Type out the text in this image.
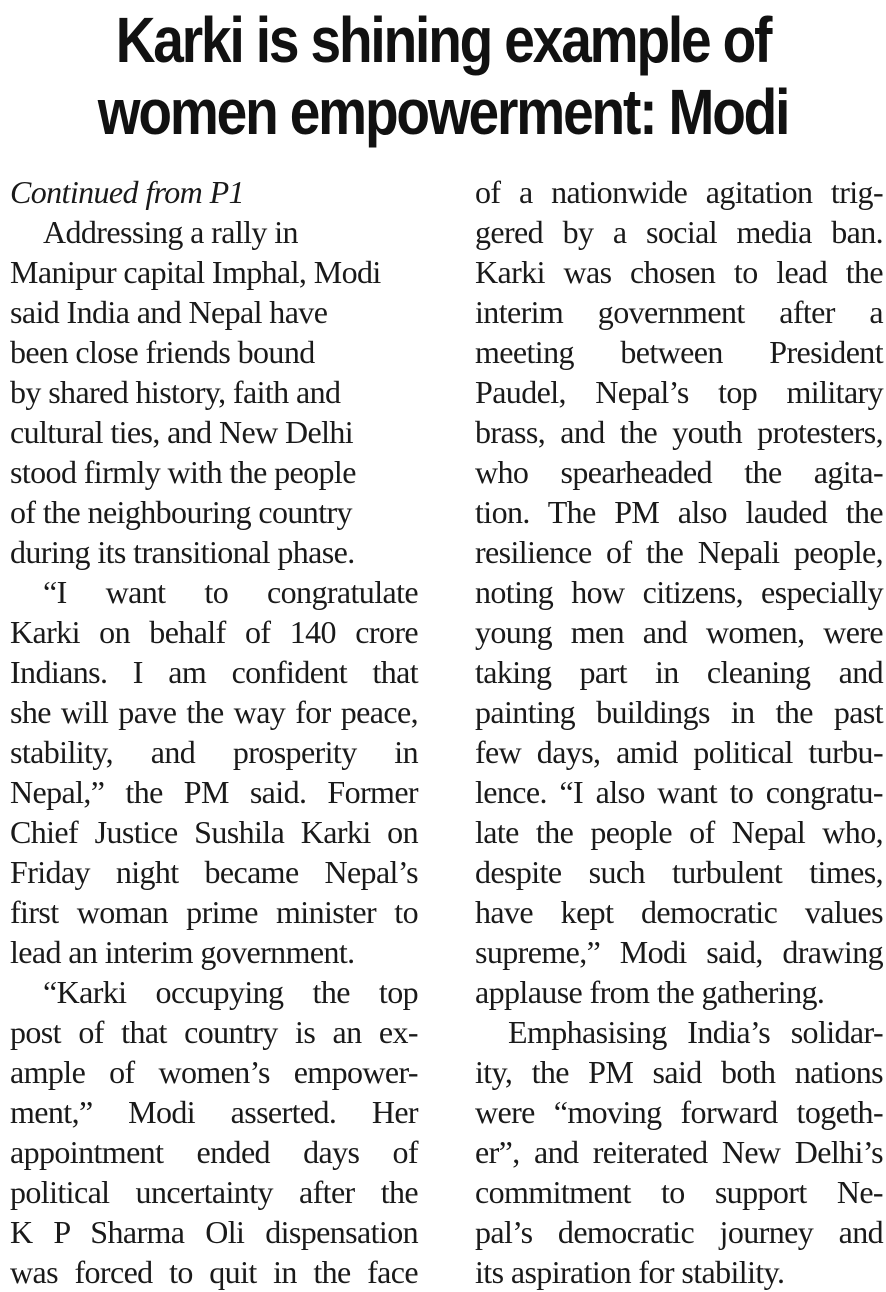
Karki is shining example of
women empowerment: Modi
Continued from P1
Addressing a rally in
Manipur capital Imphal, Modi
said India and Nepal have
been close friends bound
by shared history, faith and
cultural ties, and New Delhi
stood firmly with the people
of the neighbouring country
during its transitional phase.
“I want to congratulate
Karki on behalf of 140 crore
Indians. I am confident that
she will pave the way for peace,
stability, and prosperity in
Nepal,” the PM said. Former
Chief Justice Sushila Karki on
Friday night became Nepal’s
first woman prime minister to
lead an interim government.
“Karki occupying the top
post of that country is an ex-
ample of women’s empower-
ment,” Modi asserted. Her
appointment ended days of
political uncertainty after the
K P Sharma Oli dispensation
was forced to quit in the face
of a nationwide agitation trig-
gered by a social media ban.
Karki was chosen to lead the
interim government after a
meeting between President
Paudel, Nepal’s top military
brass, and the youth protesters,
who spearheaded the agita-
tion. The PM also lauded the
resilience of the Nepali people,
noting how citizens, especially
young men and women, were
taking part in cleaning and
painting buildings in the past
few days, amid political turbu-
lence. “I also want to congratu-
late the people of Nepal who,
despite such turbulent times,
have kept democratic values
supreme,” Modi said, drawing
applause from the gathering.
Emphasising India’s solidar-
ity, the PM said both nations
were “moving forward togeth-
er”, and reiterated New Delhi’s
commitment to support Ne-
pal’s democratic journey and
its aspiration for stability.
